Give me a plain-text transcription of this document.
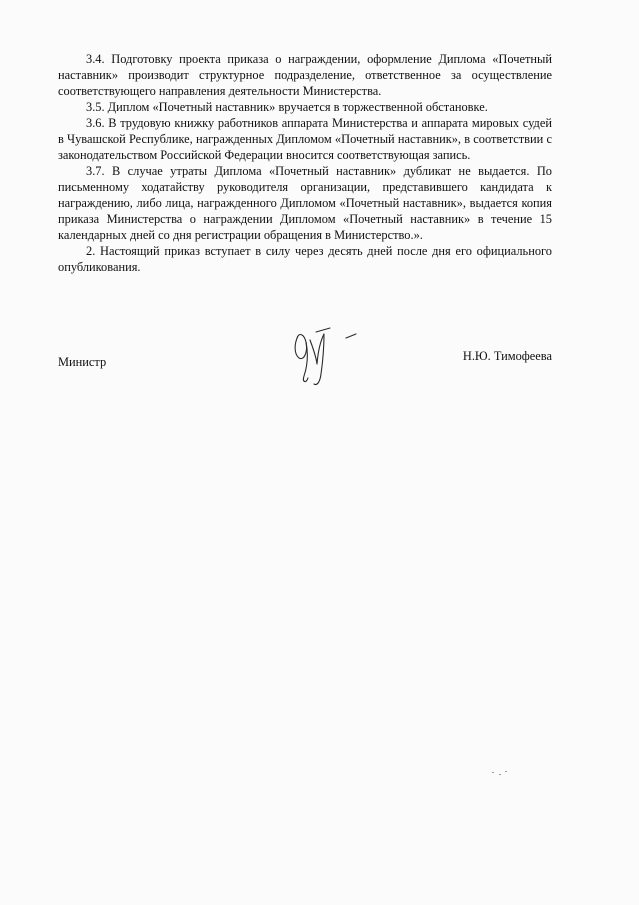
3.4. Подготовку проекта приказа о награждении, оформление Диплома «Почетный наставник» производит структурное подразделение, ответственное за осуществление соответствующего направления деятельности Министерства.

3.5. Диплом «Почетный наставник» вручается в торжественной обстановке.

3.6. В трудовую книжку работников аппарата Министерства и аппарата мировых судей в Чувашской Республике, награжденных Дипломом «Почетный наставник», в соответствии с законодательством Российской Федерации вносится соответствующая запись.

3.7. В случае утраты Диплома «Почетный наставник» дубликат не выдается. По письменному ходатайству руководителя организации, представившего кандидата к награждению, либо лица, награжденного Дипломом «Почетный наставник», выдается копия приказа Министерства о награждении Дипломом «Почетный наставник» в течение 15 календарных дней со дня регистрации обращения в Министерство.».

2. Настоящий приказ вступает в силу через десять дней после дня его официального опубликования.

Министр	Н.Ю. Тимофеева
